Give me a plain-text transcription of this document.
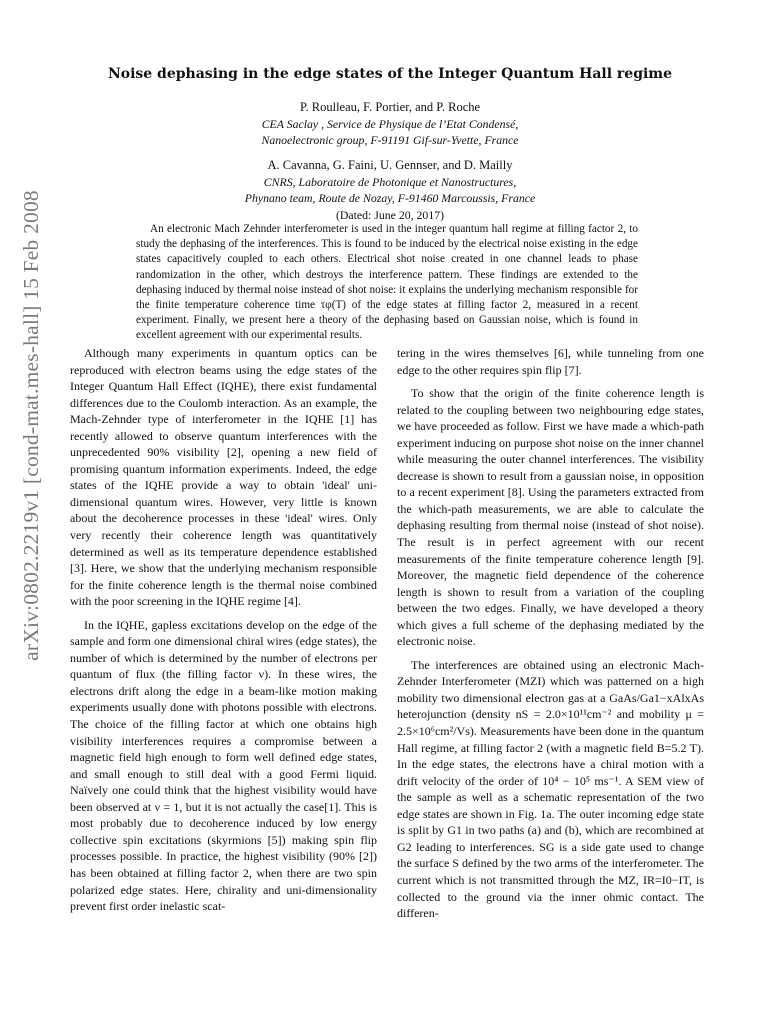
arXiv:0802.2219v1 [cond-mat.mes-hall] 15 Feb 2008
Noise dephasing in the edge states of the Integer Quantum Hall regime
P. Roulleau, F. Portier, and P. Roche
CEA Saclay , Service de Physique de l’Etat Condensé,
Nanoelectronic group, F-91191 Gif-sur-Yvette, France
A. Cavanna, G. Faini, U. Gennser, and D. Mailly
CNRS, Laboratoire de Photonique et Nanostructures,
Phynano team, Route de Nozay, F-91460 Marcoussis, France
(Dated: June 20, 2017)

An electronic Mach Zehnder interferometer is used in the integer quantum hall regime at filling factor 2, to study the dephasing of the interferences. This is found to be induced by the electrical noise existing in the edge states capacitively coupled to each others. Electrical shot noise created in one channel leads to phase randomization in the other, which destroys the interference pattern. These findings are extended to the dephasing induced by thermal noise instead of shot noise: it explains the underlying mechanism responsible for the finite temperature coherence time τφ(T) of the edge states at filling factor 2, measured in a recent experiment. Finally, we present here a theory of the dephasing based on Gaussian noise, which is found in excellent agreement with our experimental results.

Although many experiments in quantum optics can be reproduced with electron beams using the edge states of the Integer Quantum Hall Effect (IQHE), there exist fundamental differences due to the Coulomb interaction. As an example, the Mach-Zehnder type of interferometer in the IQHE [1] has recently allowed to observe quantum interferences with the unprecedented 90% visibility [2], opening a new field of promising quantum information experiments. Indeed, the edge states of the IQHE provide a way to obtain 'ideal' uni-dimensional quantum wires. However, very little is known about the decoherence processes in these 'ideal' wires. Only very recently their coherence length was quantitatively determined as well as its temperature dependence established [3]. Here, we show that the underlying mechanism responsible for the finite coherence length is the thermal noise combined with the poor screening in the IQHE regime [4].

In the IQHE, gapless excitations develop on the edge of the sample and form one dimensional chiral wires (edge states), the number of which is determined by the number of electrons per quantum of flux (the filling factor ν). In these wires, the electrons drift along the edge in a beam-like motion making experiments usually done with photons possible with electrons. The choice of the filling factor at which one obtains high visibility interferences requires a compromise between a magnetic field high enough to form well defined edge states, and small enough to still deal with a good Fermi liquid. Naïvely one could think that the highest visibility would have been observed at ν = 1, but it is not actually the case[1]. This is most probably due to decoherence induced by low energy collective spin excitations (skyrmions [5]) making spin flip processes possible. In practice, the highest visibility (90% [2]) has been obtained at filling factor 2, when there are two spin polarized edge states. Here, chirality and uni-dimensionality prevent first order inelastic scat-

tering in the wires themselves [6], while tunneling from one edge to the other requires spin flip [7].

To show that the origin of the finite coherence length is related to the coupling between two neighbouring edge states, we have proceeded as follow. First we have made a which-path experiment inducing on purpose shot noise on the inner channel while measuring the outer channel interferences. The visibility decrease is shown to result from a gaussian noise, in opposition to a recent experiment [8]. Using the parameters extracted from the which-path measurements, we are able to calculate the dephasing resulting from thermal noise (instead of shot noise). The result is in perfect agreement with our recent measurements of the finite temperature coherence length [9]. Moreover, the magnetic field dependence of the coherence length is shown to result from a variation of the coupling between the two edges. Finally, we have developed a theory which gives a full scheme of the dephasing mediated by the electronic noise.

The interferences are obtained using an electronic Mach-Zehnder Interferometer (MZI) which was patterned on a high mobility two dimensional electron gas at a GaAs/Ga1−xAlxAs heterojunction (density nS = 2.0×10¹¹cm⁻² and mobility μ = 2.5×10⁶cm²/Vs). Measurements have been done in the quantum Hall regime, at filling factor 2 (with a magnetic field B=5.2 T). In the edge states, the electrons have a chiral motion with a drift velocity of the order of 10⁴ − 10⁵ ms⁻¹. A SEM view of the sample as well as a schematic representation of the two edge states are shown in Fig. 1a. The outer incoming edge state is split by G1 in two paths (a) and (b), which are recombined at G2 leading to interferences. SG is a side gate used to change the surface S defined by the two arms of the interferometer. The current which is not transmitted through the MZ, IR=I0−IT, is collected to the ground via the inner ohmic contact. The differen-
